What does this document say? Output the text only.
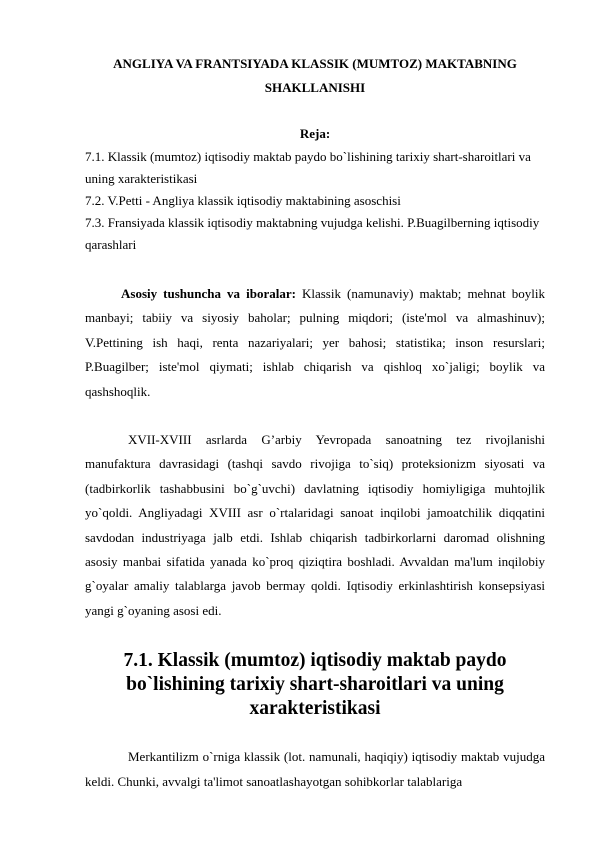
ANGLIYA VA FRANTSIYADA KLASSIK (MUMTOZ) MAKTABNING SHAKLLANISHI

Reja:

7.1. Klassik (mumtoz) iqtisodiy maktab paydo bo`lishining tarixiy shart-sharoitlari va uning xarakteristikasi

7.2. V.Petti - Angliya klassik iqtisodiy maktabining asoschisi

7.3. Fransiyada klassik iqtisodiy maktabning vujudga kelishi. P.Buagilberning iqtisodiy qarashlari

Asosiy tushuncha va iboralar: Klassik (namunaviy) maktab; mehnat boylik manbayi; tabiiy va siyosiy baholar; pulning miqdori; (iste'mol va almashinuv); V.Pettining ish haqi, renta nazariyalari; yer bahosi; statistika; inson resurslari; P.Buagilber; iste'mol qiymati; ishlab chiqarish va qishloq xo`jaligi; boylik va qashshoqlik.

XVII-XVIII asrlarda G’arbiy Yevropada sanoatning tez rivojlanishi manufaktura davrasidagi (tashqi savdo rivojiga to`siq) proteksionizm siyosati va (tadbirkorlik tashabbusini bo`g`uvchi) davlatning iqtisodiy homiyligiga muhtojlik yo`qoldi. Angliyadagi XVIII asr o`rtalaridagi sanoat inqilobi jamoatchilik diqqatini savdodan industriyaga jalb etdi. Ishlab chiqarish tadbirkorlarni daromad olishning asosiy manbai sifatida yanada ko`proq qiziqtira boshladi. Avvaldan ma'lum inqilobiy g`oyalar amaliy talablarga javob bermay qoldi. Iqtisodiy erkinlashtirish konsepsiyasi yangi g`oyaning asosi edi.

7.1. Klassik (mumtoz) iqtisodiy maktab paydo bo`lishining tarixiy shart-sharoitlari va uning xarakteristikasi

Merkantilizm o`rniga klassik (lot. namunali, haqiqiy) iqtisodiy maktab vujudga keldi. Chunki, avvalgi ta'limot sanoatlashayotgan sohibkorlar talablariga
